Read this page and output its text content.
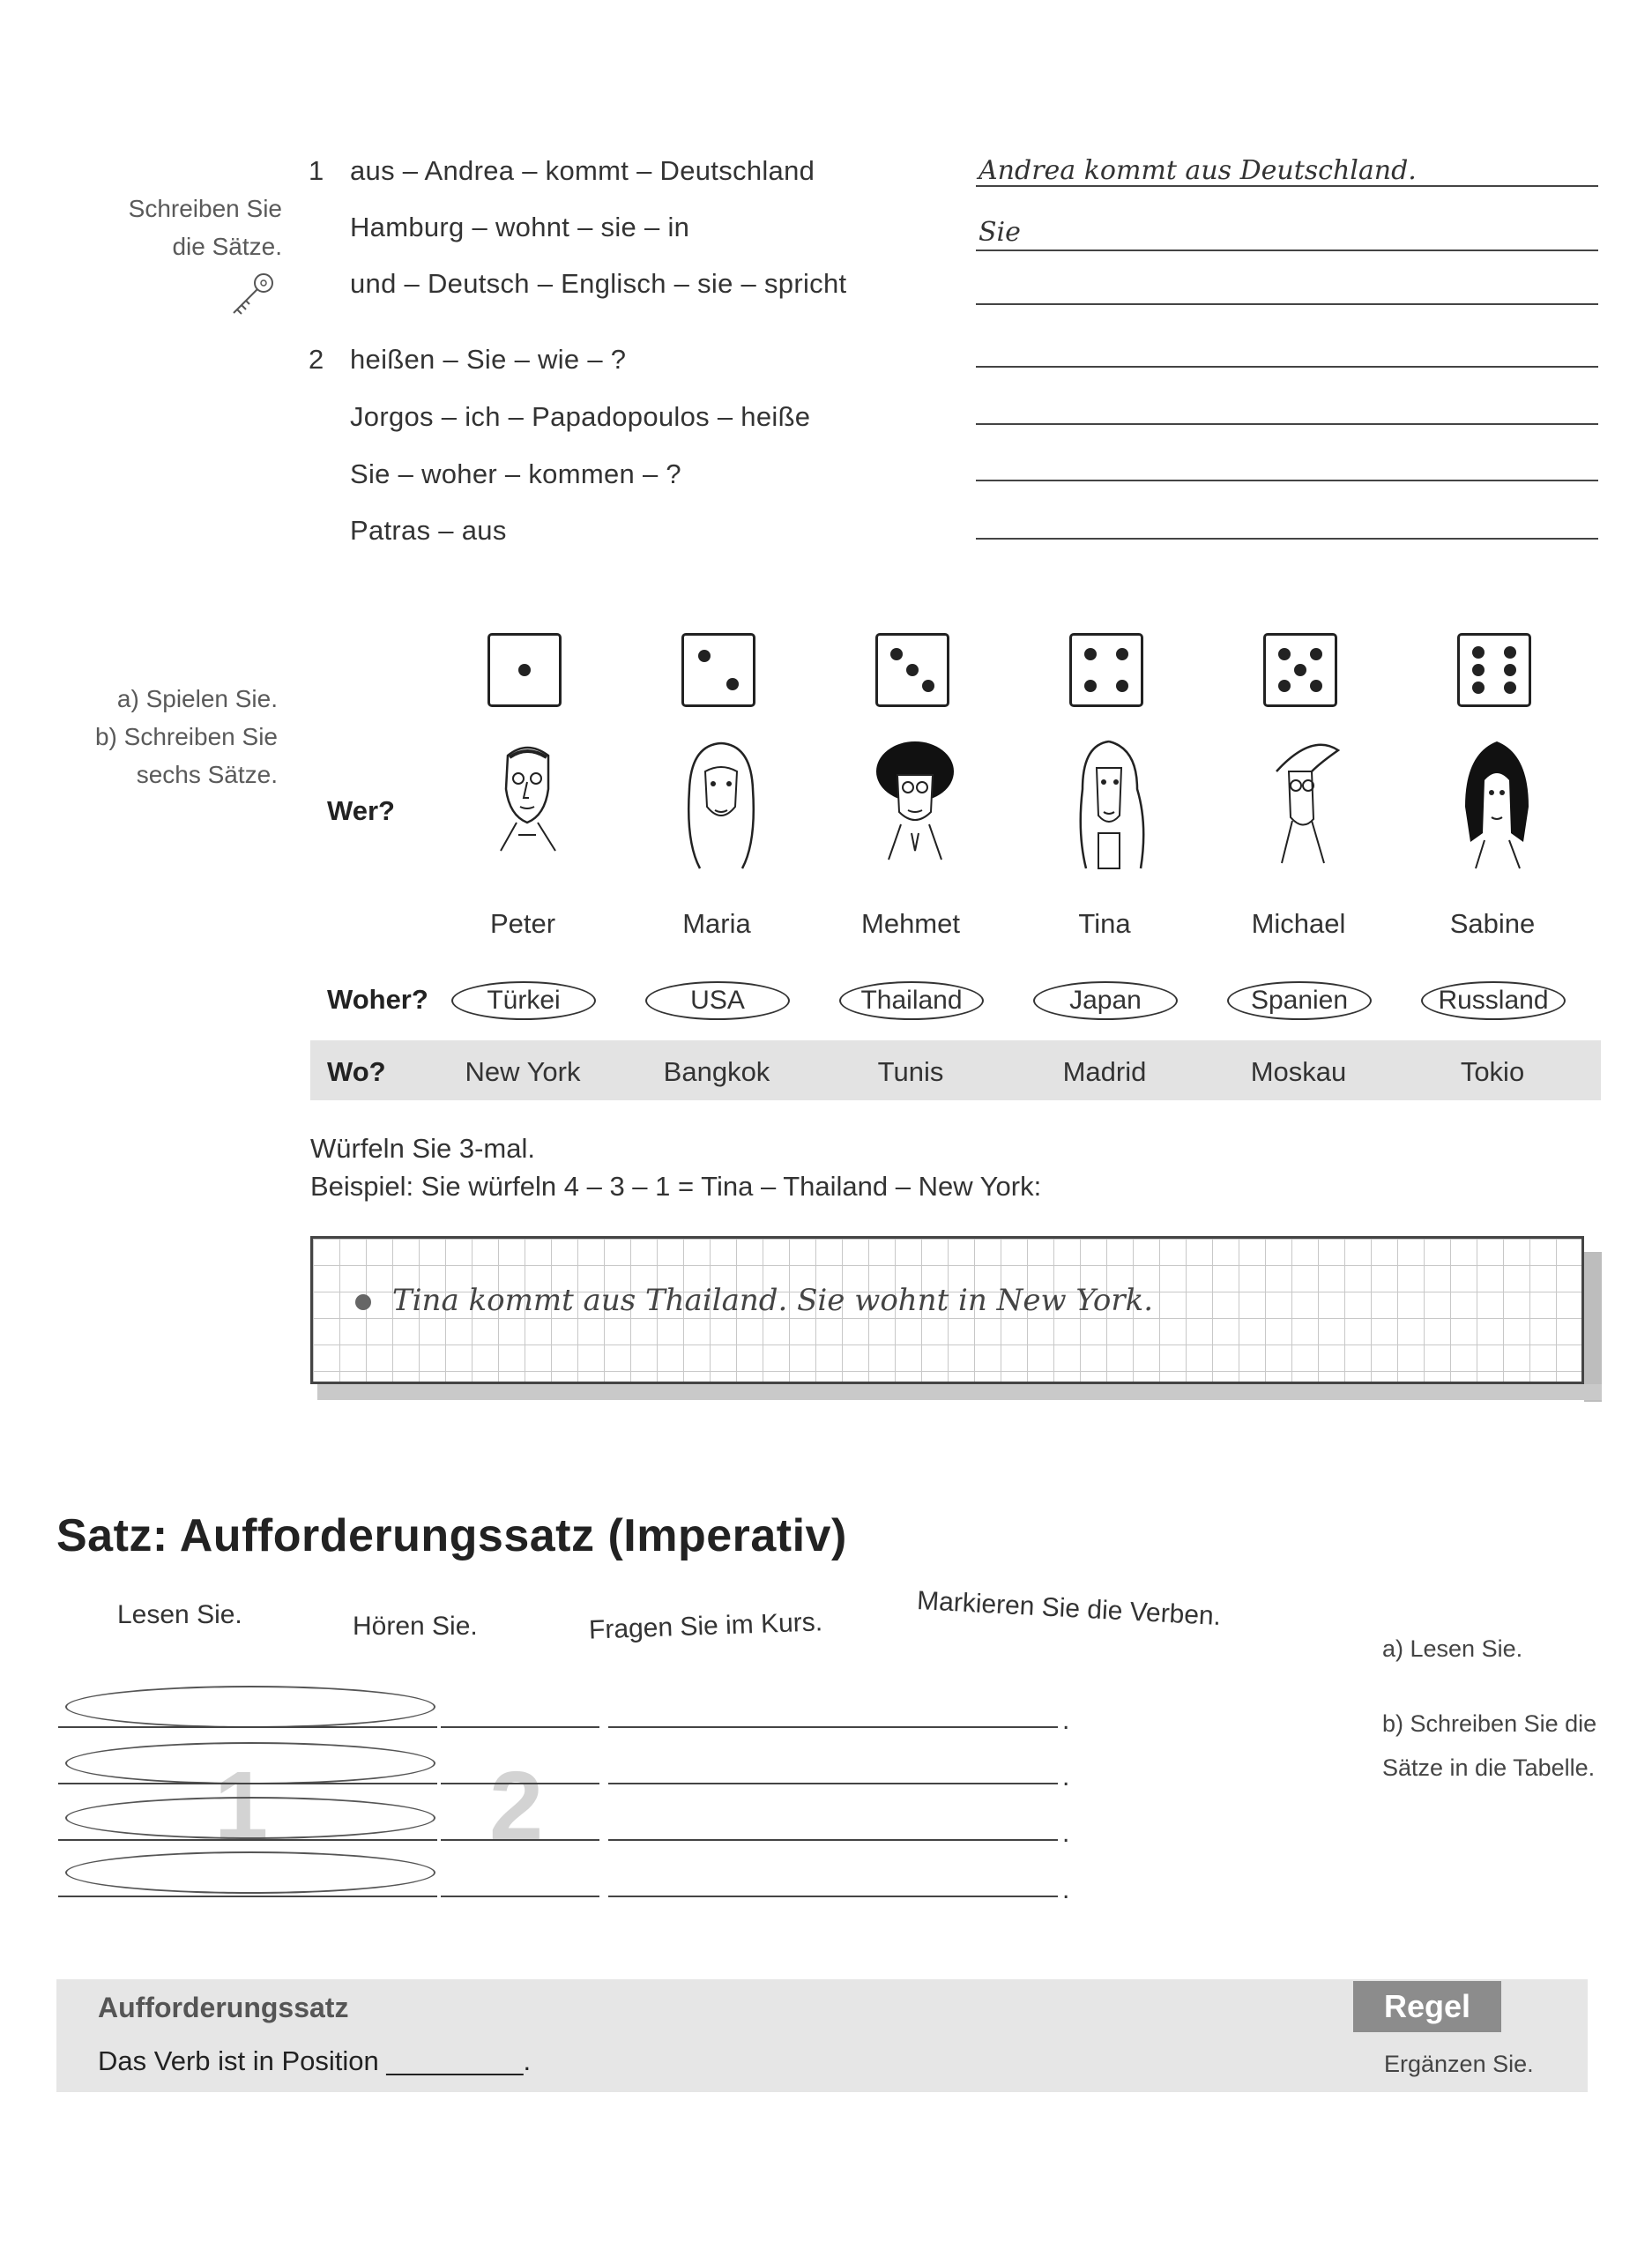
Schreiben Sie
die Sätze.
1 aus – Andrea – kommt – Deutschland
Hamburg – wohnt – sie – in
und – Deutsch – Englisch – sie – spricht
2 heißen – Sie – wie – ?
Jorgos – ich – Papadopoulos – heiße
Sie – woher – kommen – ?
Patras – aus
Andrea kommt aus Deutschland.
Sie
a) Spielen Sie.
b) Schreiben Sie
sechs Sätze.
Wer?
Peter	Maria	Mehmet	Tina	Michael	Sabine
Woher?	Türkei	USA	Thailand	Japan	Spanien	Russland
Wo?	New York	Bangkok	Tunis	Madrid	Moskau	Tokio
Würfeln Sie 3-mal.
Beispiel: Sie würfeln 4 – 3 – 1 = Tina – Thailand – New York:
Tina kommt aus Thailand. Sie wohnt in New York.
Satz: Aufforderungssatz (Imperativ)
Lesen Sie.	Hören Sie.	Fragen Sie im Kurs.	Markieren Sie die Verben.
1 2
.
.
.
.
a) Lesen Sie.
b) Schreiben Sie die
Sätze in die Tabelle.
Aufforderungssatz
Das Verb ist in Position _________.
Regel
Ergänzen Sie.
